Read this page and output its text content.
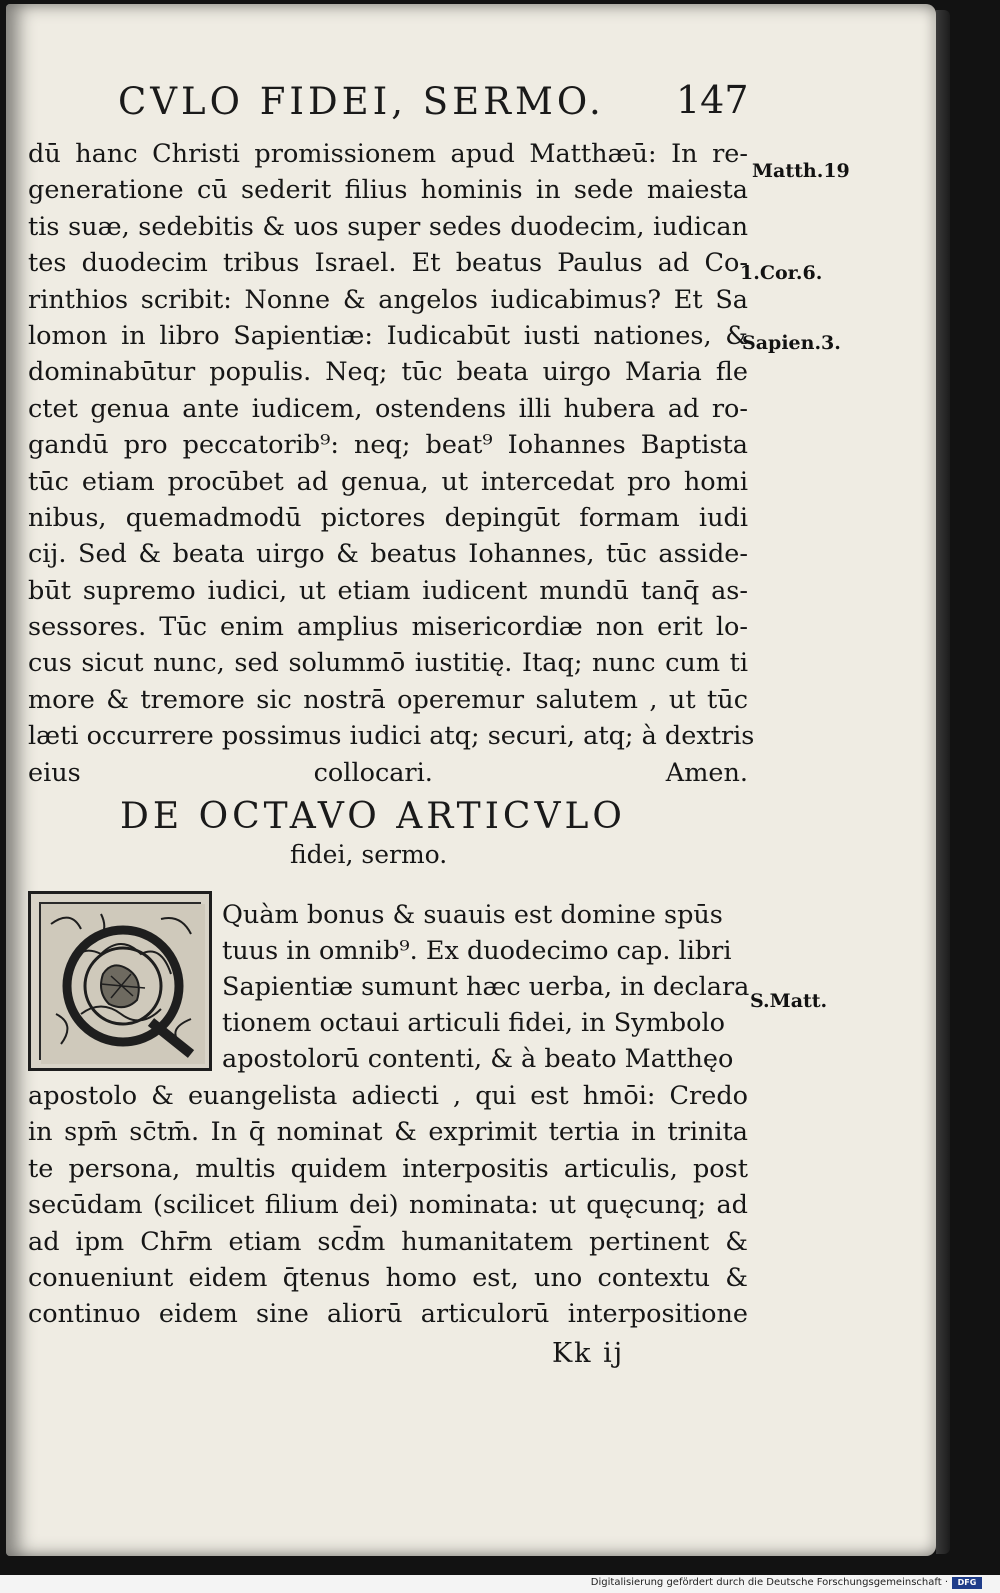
CVLO FIDEI, SERMO.	147
dū hanc Christi promissionem apud Matthæū: In re-
generatione cū sederit filius hominis in sede maiesta
tis suæ, sedebitis & uos super sedes duodecim, iudican
tes duodecim tribus Israel. Et beatus Paulus ad Co-
rinthios scribit: Nonne & angelos iudicabimus? Et Sa
lomon in libro Sapientiæ: Iudicabūt iusti nationes, &
dominabūtur populis. Neq; tūc beata uirgo Maria fle
ctet genua ante iudicem, ostendens illi hubera ad ro-
gandū pro peccatorib⁹: neq; beat⁹ Iohannes Baptista
tūc etiam procūbet ad genua, ut intercedat pro homi
nibus, quemadmodū pictores depingūt formam iudi
cij. Sed & beata uirgo & beatus Iohannes, tūc asside-
būt supremo iudici, ut etiam iudicent mundū tanq̄ as-
sessores. Tūc enim amplius misericordiæ non erit lo-
cus sicut nunc, sed solummō iustitię. Itaq; nunc cum ti
more & tremore sic nostrā operemur salutem , ut tūc
læti occurrere possimus iudici atq; securi, atq; à dextris
eius collocari. Amen.
DE OCTAVO ARTICVLO
fidei, sermo.
Quàm bonus & suauis est domine spūs
tuus in omnib⁹. Ex duodecimo cap. libri
Sapientiæ sumunt hæc uerba, in declara
tionem octaui articuli fidei, in Symbolo
apostolorū contenti, & à beato Matthęo
apostolo & euangelista adiecti , qui est hmōi: Credo
in spm̄ sc̄tm̄. In q̄ nominat & exprimit tertia in trinita
te persona, multis quidem interpositis articulis, post
secūdam (scilicet filium dei) nominata: ut quęcunq; ad
ad ipm Chr̄m etiam scd̄m humanitatem pertinent &
conueniunt eidem q̄tenus homo est, uno contextu &
continuo eidem sine aliorū articulorū interpositione
Kk ij
Matth.19
1.Cor.6.
Sapien.3.
S.Matt.
Digitalisierung gefördert durch die Deutsche Forschungsgemeinschaft ·	DFG
